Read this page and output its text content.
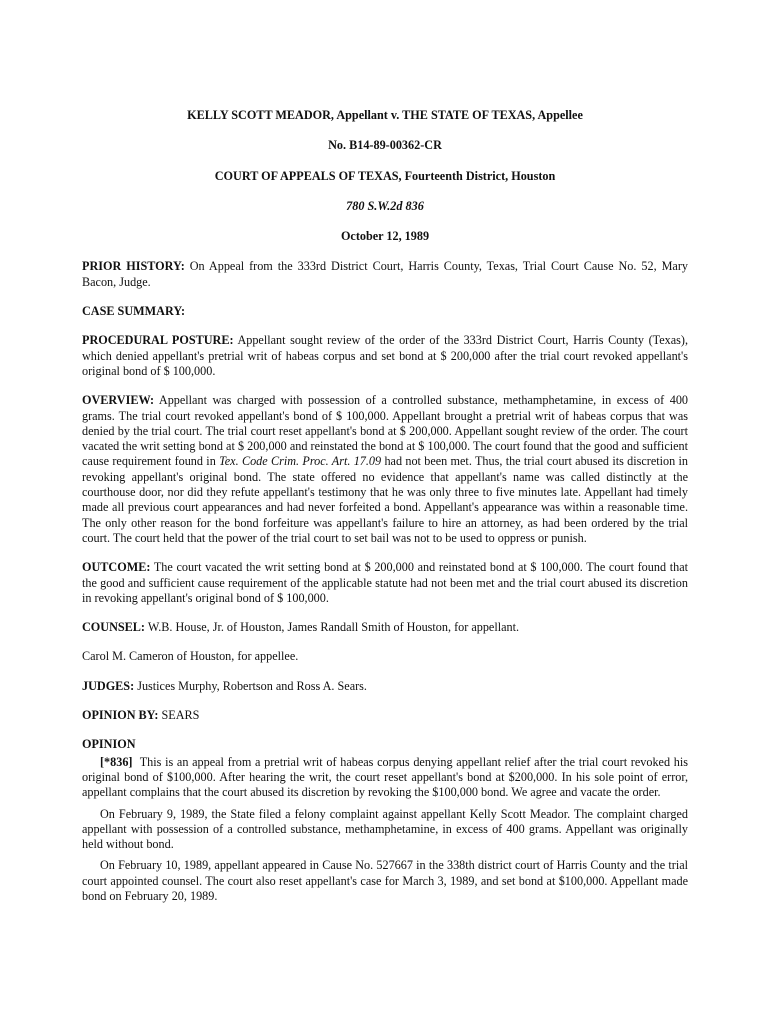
KELLY SCOTT MEADOR, Appellant v. THE STATE OF TEXAS, Appellee
No. B14-89-00362-CR
COURT OF APPEALS OF TEXAS, Fourteenth District, Houston
780 S.W.2d 836
October 12, 1989

PRIOR HISTORY: On Appeal from the 333rd District Court, Harris County, Texas, Trial Court Cause No. 52, Mary Bacon, Judge.

CASE SUMMARY:

PROCEDURAL POSTURE: Appellant sought review of the order of the 333rd District Court, Harris County (Texas), which denied appellant's pretrial writ of habeas corpus and set bond at $ 200,000 after the trial court revoked appellant's original bond of $ 100,000.

OVERVIEW: Appellant was charged with possession of a controlled substance, methamphetamine, in excess of 400 grams. The trial court revoked appellant's bond of $ 100,000. Appellant brought a pretrial writ of habeas corpus that was denied by the trial court. The trial court reset appellant's bond at $ 200,000. Appellant sought review of the order. The court vacated the writ setting bond at $ 200,000 and reinstated the bond at $ 100,000. The court found that the good and sufficient cause requirement found in Tex. Code Crim. Proc. Art. 17.09 had not been met. Thus, the trial court abused its discretion in revoking appellant's original bond. The state offered no evidence that appellant's name was called distinctly at the courthouse door, nor did they refute appellant's testimony that he was only three to five minutes late. Appellant had timely made all previous court appearances and had never forfeited a bond. Appellant's appearance was within a reasonable time. The only other reason for the bond forfeiture was appellant's failure to hire an attorney, as had been ordered by the trial court. The court held that the power of the trial court to set bail was not to be used to oppress or punish.

OUTCOME: The court vacated the writ setting bond at $ 200,000 and reinstated bond at $ 100,000. The court found that the good and sufficient cause requirement of the applicable statute had not been met and the trial court abused its discretion in revoking appellant's original bond of $ 100,000.

COUNSEL: W.B. House, Jr. of Houston, James Randall Smith of Houston, for appellant.

Carol M. Cameron of Houston, for appellee.

JUDGES: Justices Murphy, Robertson and Ross A. Sears.

OPINION BY: SEARS

OPINION

[*836] This is an appeal from a pretrial writ of habeas corpus denying appellant relief after the trial court revoked his original bond of $100,000. After hearing the writ, the court reset appellant's bond at $200,000. In his sole point of error, appellant complains that the court abused its discretion by revoking the $100,000 bond. We agree and vacate the order.

On February 9, 1989, the State filed a felony complaint against appellant Kelly Scott Meador. The complaint charged appellant with possession of a controlled substance, methamphetamine, in excess of 400 grams. Appellant was originally held without bond.

On February 10, 1989, appellant appeared in Cause No. 527667 in the 338th district court of Harris County and the trial court appointed counsel. The court also reset appellant's case for March 3, 1989, and set bond at $100,000. Appellant made bond on February 20, 1989.
